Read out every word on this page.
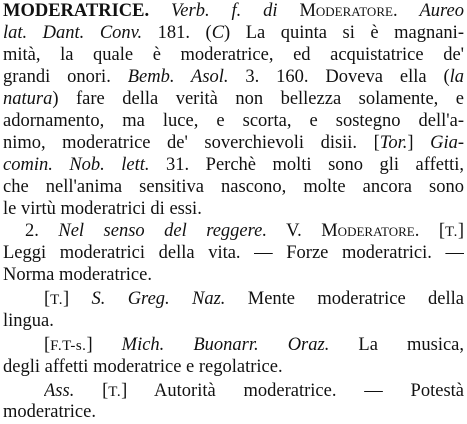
MODERATRICE. Verb. f. di Moderatore. Aureo
lat. Dant. Conv. 181. (C) La quinta si è magnani-
mità, la quale è moderatrice, ed acquistatrice de'
grandi onori. Bemb. Asol. 3. 160. Doveva ella (la
natura) fare della verità non bellezza solamente, e
adornamento, ma luce, e scorta, e sostegno dell'a-
nimo, moderatrice de' soverchievoli disii. [Tor.] Gia-
comin. Nob. lett. 31. Perchè molti sono gli affetti,
che nell'anima sensitiva nascono, molte ancora sono
le virtù moderatrici di essi.
2. Nel senso del reggere. V. Moderatore. [T.]
Leggi moderatrici della vita. — Forze moderatrici. —
Norma moderatrice.
[T.] S. Greg. Naz. Mente moderatrice della
lingua.
[F.T-s.] Mich. Buonarr. Oraz. La musica,
degli affetti moderatrice e regolatrice.
Ass. [T.] Autorità moderatrice. — Potestà
moderatrice.
